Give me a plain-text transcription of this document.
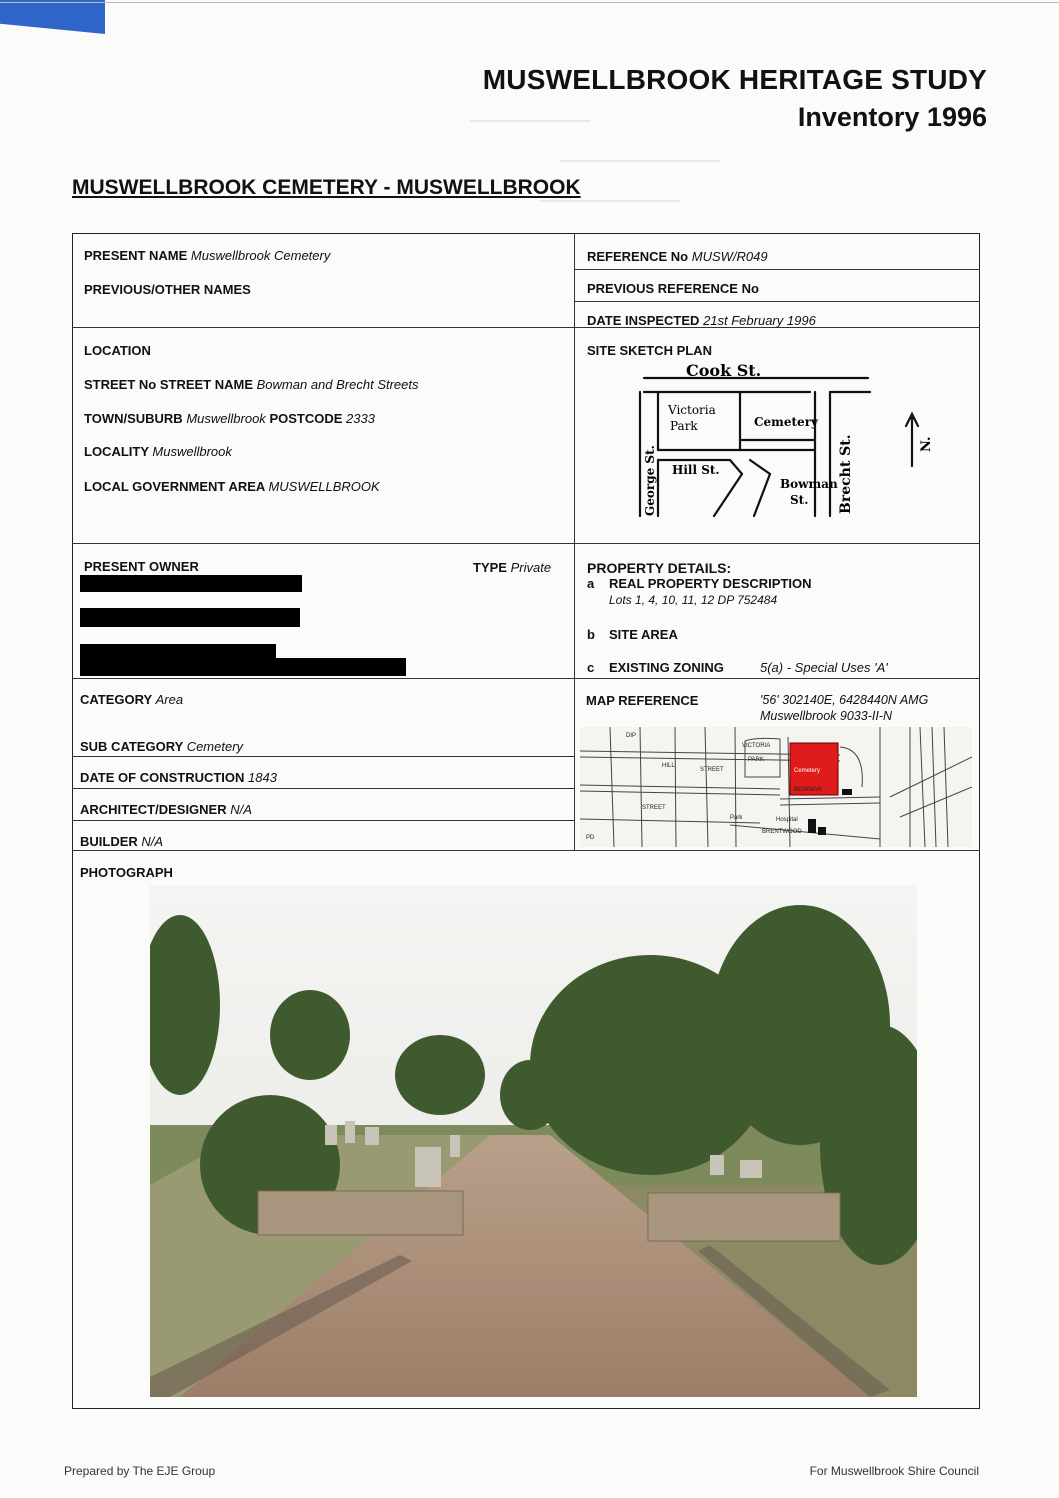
MUSWELLBROOK HERITAGE STUDY
Inventory 1996
MUSWELLBROOK CEMETERY - MUSWELLBROOK
PRESENT NAME Muswellbrook Cemetery
PREVIOUS/OTHER NAMES
REFERENCE No MUSW/R049
PREVIOUS REFERENCE No
DATE INSPECTED 21st February 1996
LOCATION
STREET No STREET NAME Bowman and Brecht Streets
TOWN/SUBURB Muswellbrook POSTCODE 2333
LOCALITY Muswellbrook
LOCAL GOVERNMENT AREA MUSWELLBROOK
SITE SKETCH PLAN
Cook St.
Victoria
Park	Cemetery
Hill St.
Bowman
St.
George St.	Brecht St.	N.
PRESENT OWNER	TYPE Private	PROPERTY DETAILS:
a REAL PROPERTY DESCRIPTION
Lots 1, 4, 10, 11, 12 DP 752484
b SITE AREA
c EXISTING ZONING	5(a) - Special Uses 'A'
CATEGORY Area
SUB CATEGORY Cemetery
DATE OF CONSTRUCTION 1843
ARCHITECT/DESIGNER N/A
BUILDER N/A
MAP REFERENCE	'56' 302140E, 6428440N AMG
Muswellbrook 9033-II-N
VICTORIA
PARK
Cemetery
HILL
STREET
STREET
BOWMAN
Hospital
BRENTWOOD
Park
PD
DIP
PHOTOGRAPH
Prepared by The EJE Group	For Muswellbrook Shire Council
